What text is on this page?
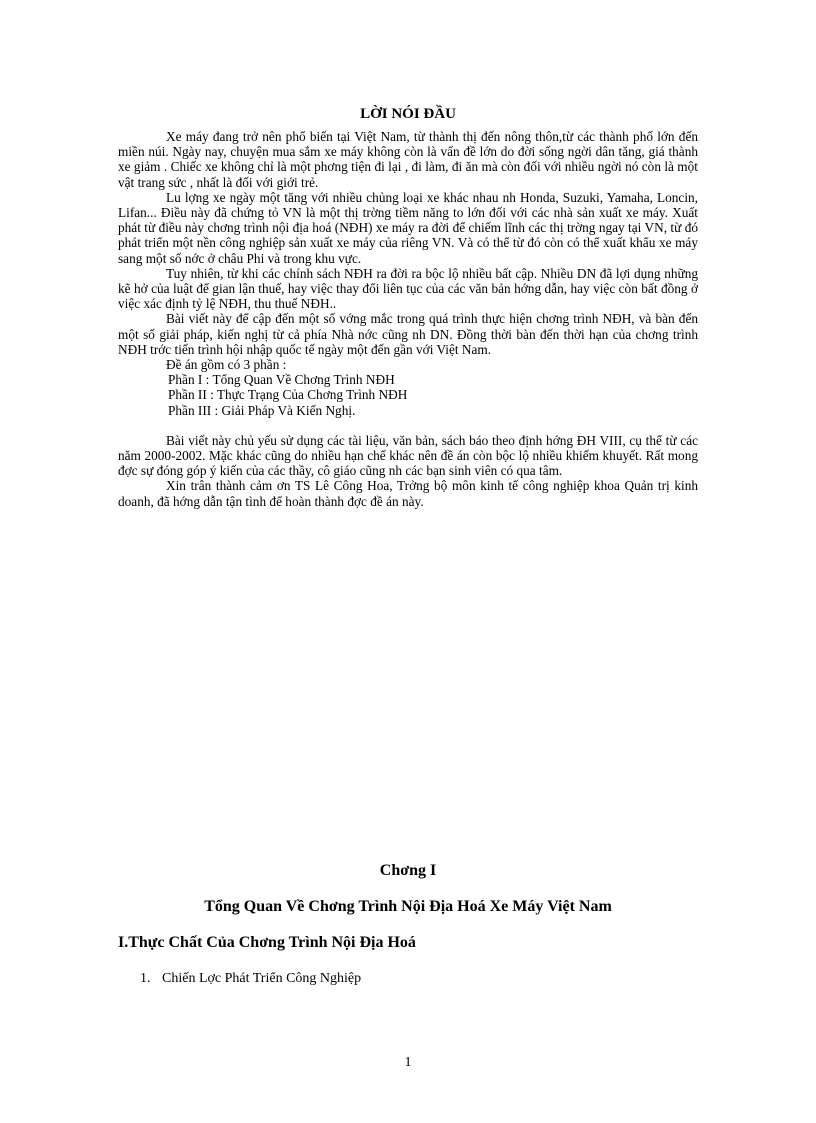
LỜI NÓI ĐẦU

Xe máy đang trở nên phổ biến tại Việt Nam, từ thành thị đến nông thôn,từ các thành phố lớn đến miền núi. Ngày nay, chuyện mua sắm xe máy không còn là vấn đề lớn do đời sống ngời dân tăng, giá thành xe giảm . Chiếc xe không chỉ là một phơng tiện đi lại , đi làm, đi ăn mà còn đối với nhiều ngời nó còn là một vật trang sức , nhất là đối với giới trẻ.

Lu lợng xe ngày một tăng với nhiều chủng loại xe khác nhau nh Honda, Suzuki, Yamaha, Loncin, Lifan... Điều này đã chứng tỏ VN là một thị trờng tiềm năng to lớn đối với các nhà sản xuất xe máy. Xuất phát từ điều này chơng trình nội địa hoá (NĐH) xe máy ra đời để chiếm lĩnh các thị trờng ngay tại VN, từ đó phát triển một nền công nghiệp sản xuất xe máy của riêng VN. Và có thể từ đó còn có thể xuất khẩu xe máy sang một số nớc ở châu Phi và trong khu vực.

Tuy nhiên, từ khi các chính sách NĐH ra đời ra bộc lộ nhiều bất cập. Nhiều DN đã lợi dụng những kẽ hở của luật để gian lận thuế, hay việc thay đổi liên tục của các văn bản hớng dẫn, hay việc còn bất đồng ở việc xác định tỷ lệ NĐH, thu thuế NĐH..

Bài viết này để cập đến một số vớng mắc trong quá trình thực hiện chơng trình NĐH, và bàn đến một số giải pháp, kiến nghị từ cả phía Nhà nớc cũng nh DN. Đồng thời bàn đến thời hạn của chơng trình NĐH trớc tiến trình hội nhập quốc tế ngày một đến gần với Việt Nam.

Đề án gồm có 3 phần :

Phần I : Tổng Quan Về Chơng Trình NĐH

Phần II : Thực Trạng Của Chơng Trình NĐH

Phần III : Giải Pháp Và Kiến Nghị.

Bài viết này chủ yếu sử dụng các tài liệu, văn bản, sách báo theo định hớng ĐH VIII, cụ thể từ các năm 2000-2002. Mặc khác cũng do nhiều hạn chế khác nên đề án còn bộc lộ nhiều khiếm khuyết. Rất mong đợc sự đóng góp ý kiến của các thầy, cô giáo cũng nh các bạn sinh viên có qua tâm.

Xin trân thành cảm ơn TS Lê Công Hoa, Trởng bộ môn kinh tế công nghiệp khoa Quản trị kinh doanh, đã hớng dẫn tận tình để hoàn thành đợc đề án này.

Chơng I
Tổng Quan Về Chơng Trình Nội Địa Hoá Xe Máy Việt Nam
I.Thực Chất Của Chơng Trình Nội Địa Hoá
1. Chiến Lợc Phát Triển Công Nghiệp
1
